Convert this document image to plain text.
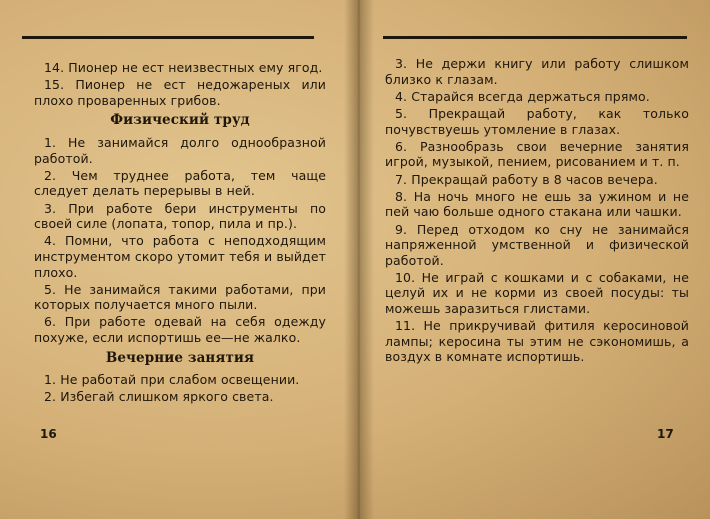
14. Пионер не ест неизвестных ему ягод.

15. Пионер не ест недожареных или плохо проваренных грибов.

Физический труд

1. Не занимайся долго однообразной работой.

2. Чем труднее работа, тем чаще следует делать перерывы в ней.

3. При работе бери инструменты по своей силе (лопата, топор, пила и пр.).

4. Помни, что работа с неподходящим инструментом скоро утомит тебя и выйдет плохо.

5. Не занимайся такими работами, при которых получается много пыли.

6. При работе одевай на себя одежду похуже, если испортишь ее—не жалко.

Вечерние занятия

1. Не работай при слабом освещении.

2. Избегай слишком яркого света.

16

3. Не держи книгу или работу слишком близко к глазам.

4. Старайся всегда держаться прямо.

5. Прекращай работу, как только почувствуешь утомление в глазах.

6. Разнообразь свои вечерние занятия игрой, музыкой, пением, рисованием и т. п.

7. Прекращай работу в 8 часов вечера.

8. На ночь много не ешь за ужином и не пей чаю больше одного стакана или чашки.

9. Перед отходом ко сну не занимайся напряженной умственной и физической работой.

10. Не играй с кошками и с собаками, не целуй их и не корми из своей посуды: ты можешь заразиться глистами.

11. Не прикручивай фитиля керосиновой лампы; керосина ты этим не сэкономишь, а воздух в комнате испортишь.

17
